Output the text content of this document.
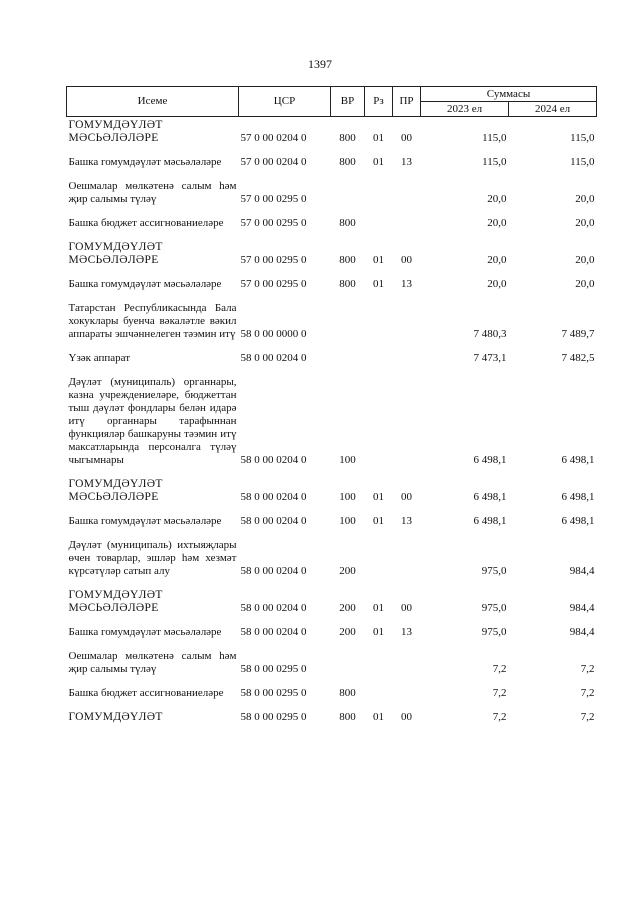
1397
Исеме	ЦСР	ВР	Рз	ПР	Суммасы	
					2023 ел	2024 ел
ГОМУМДӘҮЛӘТ МӘСЬӘЛӘЛӘРЕ	57 0 00 0204 0	800	01	00	115,0	115,0
Башка гомумдәүләт мәсьәләләре	57 0 00 0204 0	800	01	13	115,0	115,0
Оешмалар мөлкәтенә салым һәм җир салымы түләү	57 0 00 0295 0				20,0	20,0
Башка бюджет ассигнованиеләре	57 0 00 0295 0	800			20,0	20,0
ГОМУМДӘҮЛӘТ МӘСЬӘЛӘЛӘРЕ	57 0 00 0295 0	800	01	00	20,0	20,0
Башка гомумдәүләт мәсьәләләре	57 0 00 0295 0	800	01	13	20,0	20,0
Татарстан Республикасында Бала хокуклары буенча вәкаләтле вәкил аппараты эшчәннелеген тәэмин итү	58 0 00 0000 0				7 480,3	7 489,7
Үзәк аппарат	58 0 00 0204 0				7 473,1	7 482,5
Дәүләт (муниципаль) органнары, казна учреждениеләре, бюджеттан тыш дәүләт фондлары белән идарә итү органнары тарафыннан функцияләр башкаруны тәэмин итү максатларында персоналга түләү чыгымнары	58 0 00 0204 0	100			6 498,1	6 498,1
ГОМУМДӘҮЛӘТ МӘСЬӘЛӘЛӘРЕ	58 0 00 0204 0	100	01	00	6 498,1	6 498,1
Башка гомумдәүләт мәсьәләләре	58 0 00 0204 0	100	01	13	6 498,1	6 498,1
Дәүләт (муниципаль) ихтыяҗлары өчен товарлар, эшләр һәм хезмәт күрсәтүләр сатып алу	58 0 00 0204 0	200			975,0	984,4
ГОМУМДӘҮЛӘТ МӘСЬӘЛӘЛӘРЕ	58 0 00 0204 0	200	01	00	975,0	984,4
Башка гомумдәүләт мәсьәләләре	58 0 00 0204 0	200	01	13	975,0	984,4
Оешмалар мөлкәтенә салым һәм җир салымы түләү	58 0 00 0295 0				7,2	7,2
Башка бюджет ассигнованиеләре	58 0 00 0295 0	800			7,2	7,2
ГОМУМДӘҮЛӘТ	58 0 00 0295 0	800	01	00	7,2	7,2
